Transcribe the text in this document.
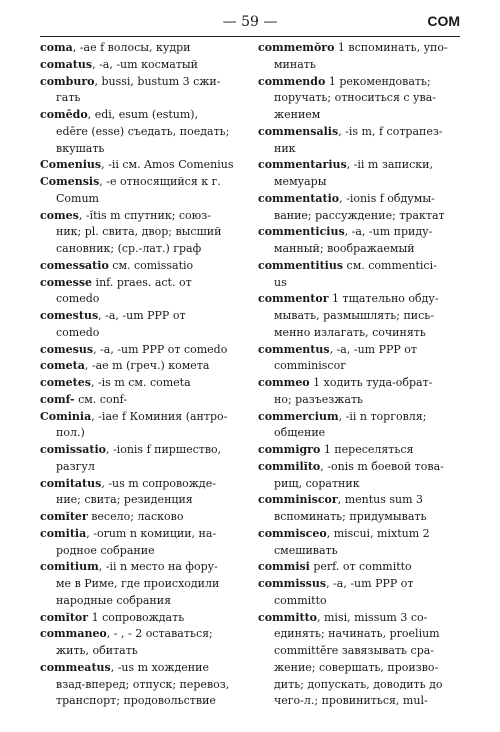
— 59 —	COM
coma, -ae f волосы, кудри
comatus, -a, -um косматый
comburo, bussi, bustum 3 сжи-
гать
comēdo, edi, esum (estum),
edēre (esse) съедать, поедать;
вкушать
Comenius, -ii см. Amos Comenius
Comensis, -e относящийся к г.
Comum
comes, -ĭtis m спутник; союз-
ник; pl. свита, двор; высший
сановник; (ср.-лат.) граф
comessatio см. comissatio
comesse inf. praes. act. от
comedo
comestus, -a, -um PPP от
comedo
comesus, -a, -um PPP от comedo
cometa, -ae m (греч.) комета
cometes, -is m см. cometa
comf- см. conf-
Cominia, -iae f Коминия (антро-
пол.)
comissatio, -ionis f пиршество,
разгул
comitatus, -us m сопровожде-
ние; свита; резиденция
comĭter весело; ласково
comitia, -orum n комиции, на-
родное собрание
comitium, -ii n место на фору-
ме в Риме, где происходили
народные собрания
comĭtor 1 сопровождать
commaneo, - , - 2 оставаться;
жить, обитать
commeatus, -us m хождение
взад-вперед; отпуск; перевоз,
транспорт; продовольствие
commemŏro 1 вспоминать, упо-
минать
commendo 1 рекомендовать;
поручать; относиться с ува-
жением
commensalis, -is m, f сотрапез-
ник
commentarius, -ii m записки,
мемуары
commentatio, -ionis f обдумы-
вание; рассуждение; трактат
commenticius, -a, -um приду-
манный; воображаемый
commentitius см. commentici-
us
commentor 1 тщательно обду-
мывать, размышлять; пись-
менно излагать, сочинять
commentus, -a, -um PPP от
comminiscor
commeo 1 ходить туда-обрат-
но; разъезжать
commercium, -ii n торговля;
общение
commigro 1 переселяться
commilĭto, -onis m боевой това-
рищ, соратник
comminiscor, mentus sum 3
вспоминать; придумывать
commisceo, miscui, mixtum 2
смешивать
commisi perf. от committo
commissus, -a, -um PPP от
committo
committo, misi, missum 3 со-
единять; начинать, proelium
committĕre завязывать сра-
жение; совершать, произво-
дить; допускать, доводить до
чего-л.; провиниться, mul-
